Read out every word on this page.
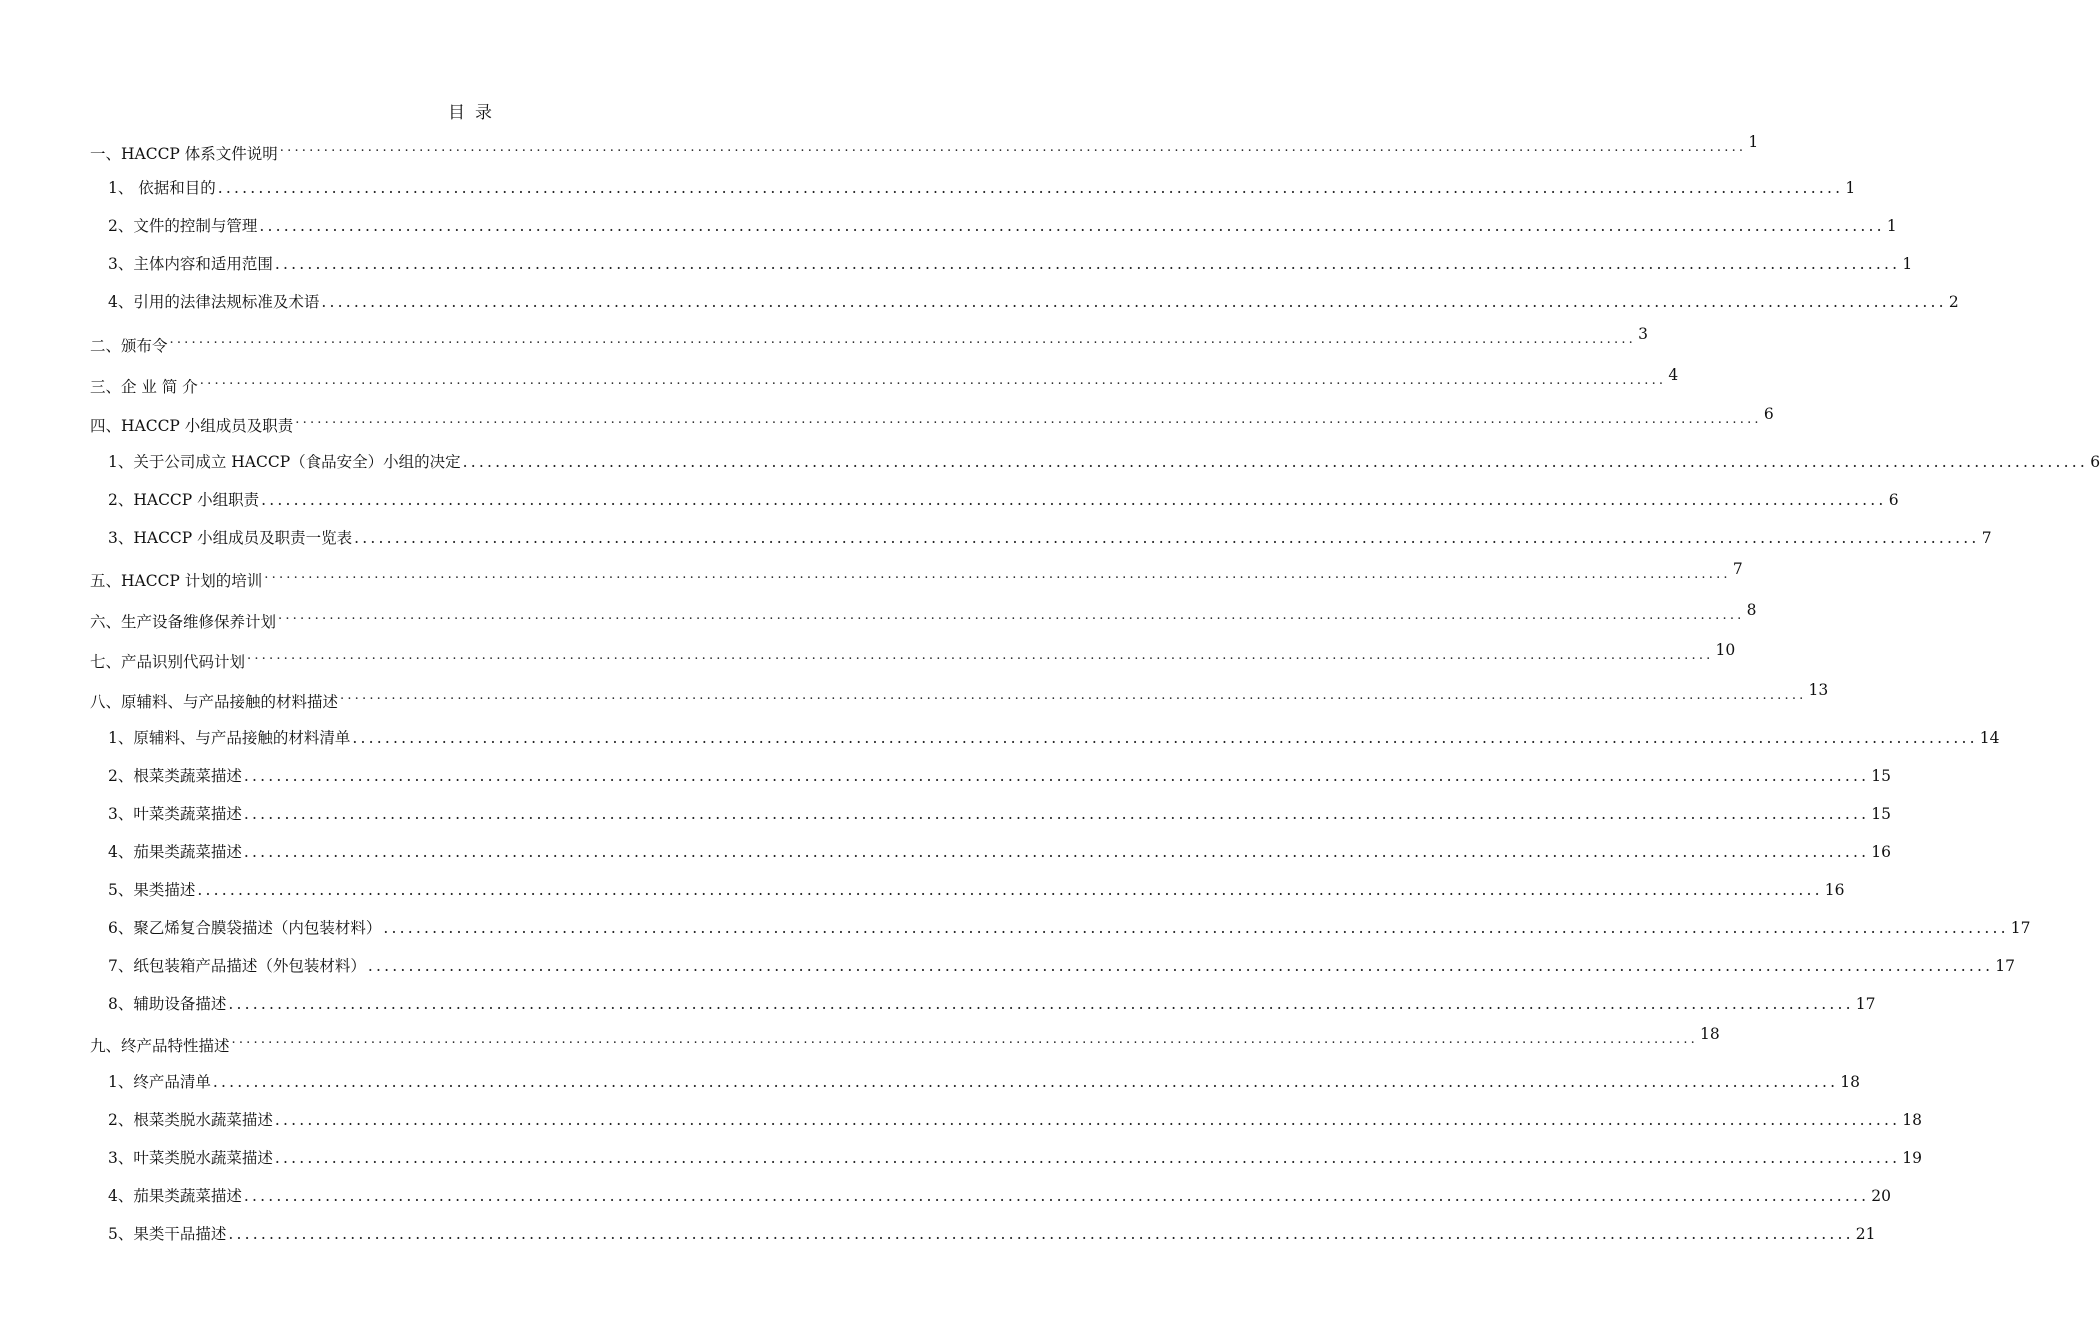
目录
一、HACCP 体系文件说明 ........................................................................................................................................................................................................ 1
1、 依据和目的 ........................................................................................................................................................................................................ 1
2、文件的控制与管理 ........................................................................................................................................................................................................ 1
3、主体内容和适用范围 ........................................................................................................................................................................................................ 1
4、引用的法律法规标准及术语 ........................................................................................................................................................................................................ 2
二、颁布令 ........................................................................................................................................................................................................ 3
三、企 业 简 介 ........................................................................................................................................................................................................ 4
四、HACCP 小组成员及职责 ........................................................................................................................................................................................................ 6
1、关于公司成立 HACCP（食品安全）小组的决定 ........................................................................................................................................................................................................ 6
2、HACCP 小组职责 ........................................................................................................................................................................................................ 6
3、HACCP 小组成员及职责一览表 ........................................................................................................................................................................................................ 7
五、HACCP 计划的培训 ........................................................................................................................................................................................................ 7
六、生产设备维修保养计划 ........................................................................................................................................................................................................ 8
七、产品识别代码计划 ........................................................................................................................................................................................................ 10
八、原辅料、与产品接触的材料描述 ........................................................................................................................................................................................................ 13
1、原辅料、与产品接触的材料清单 ........................................................................................................................................................................................................ 14
2、根菜类蔬菜描述 ........................................................................................................................................................................................................ 15
3、叶菜类蔬菜描述 ........................................................................................................................................................................................................ 15
4、茄果类蔬菜描述 ........................................................................................................................................................................................................ 16
5、果类描述 ........................................................................................................................................................................................................ 16
6、聚乙烯复合膜袋描述（内包装材料） ........................................................................................................................................................................................................ 17
7、纸包装箱产品描述（外包装材料） ........................................................................................................................................................................................................ 17
8、辅助设备描述 ........................................................................................................................................................................................................ 17
九、终产品特性描述 ........................................................................................................................................................................................................ 18
1、终产品清单 ........................................................................................................................................................................................................ 18
2、根菜类脱水蔬菜描述 ........................................................................................................................................................................................................ 18
3、叶菜类脱水蔬菜描述 ........................................................................................................................................................................................................ 19
4、茄果类蔬菜描述 ........................................................................................................................................................................................................ 20
5、果类干品描述 ........................................................................................................................................................................................................ 21
